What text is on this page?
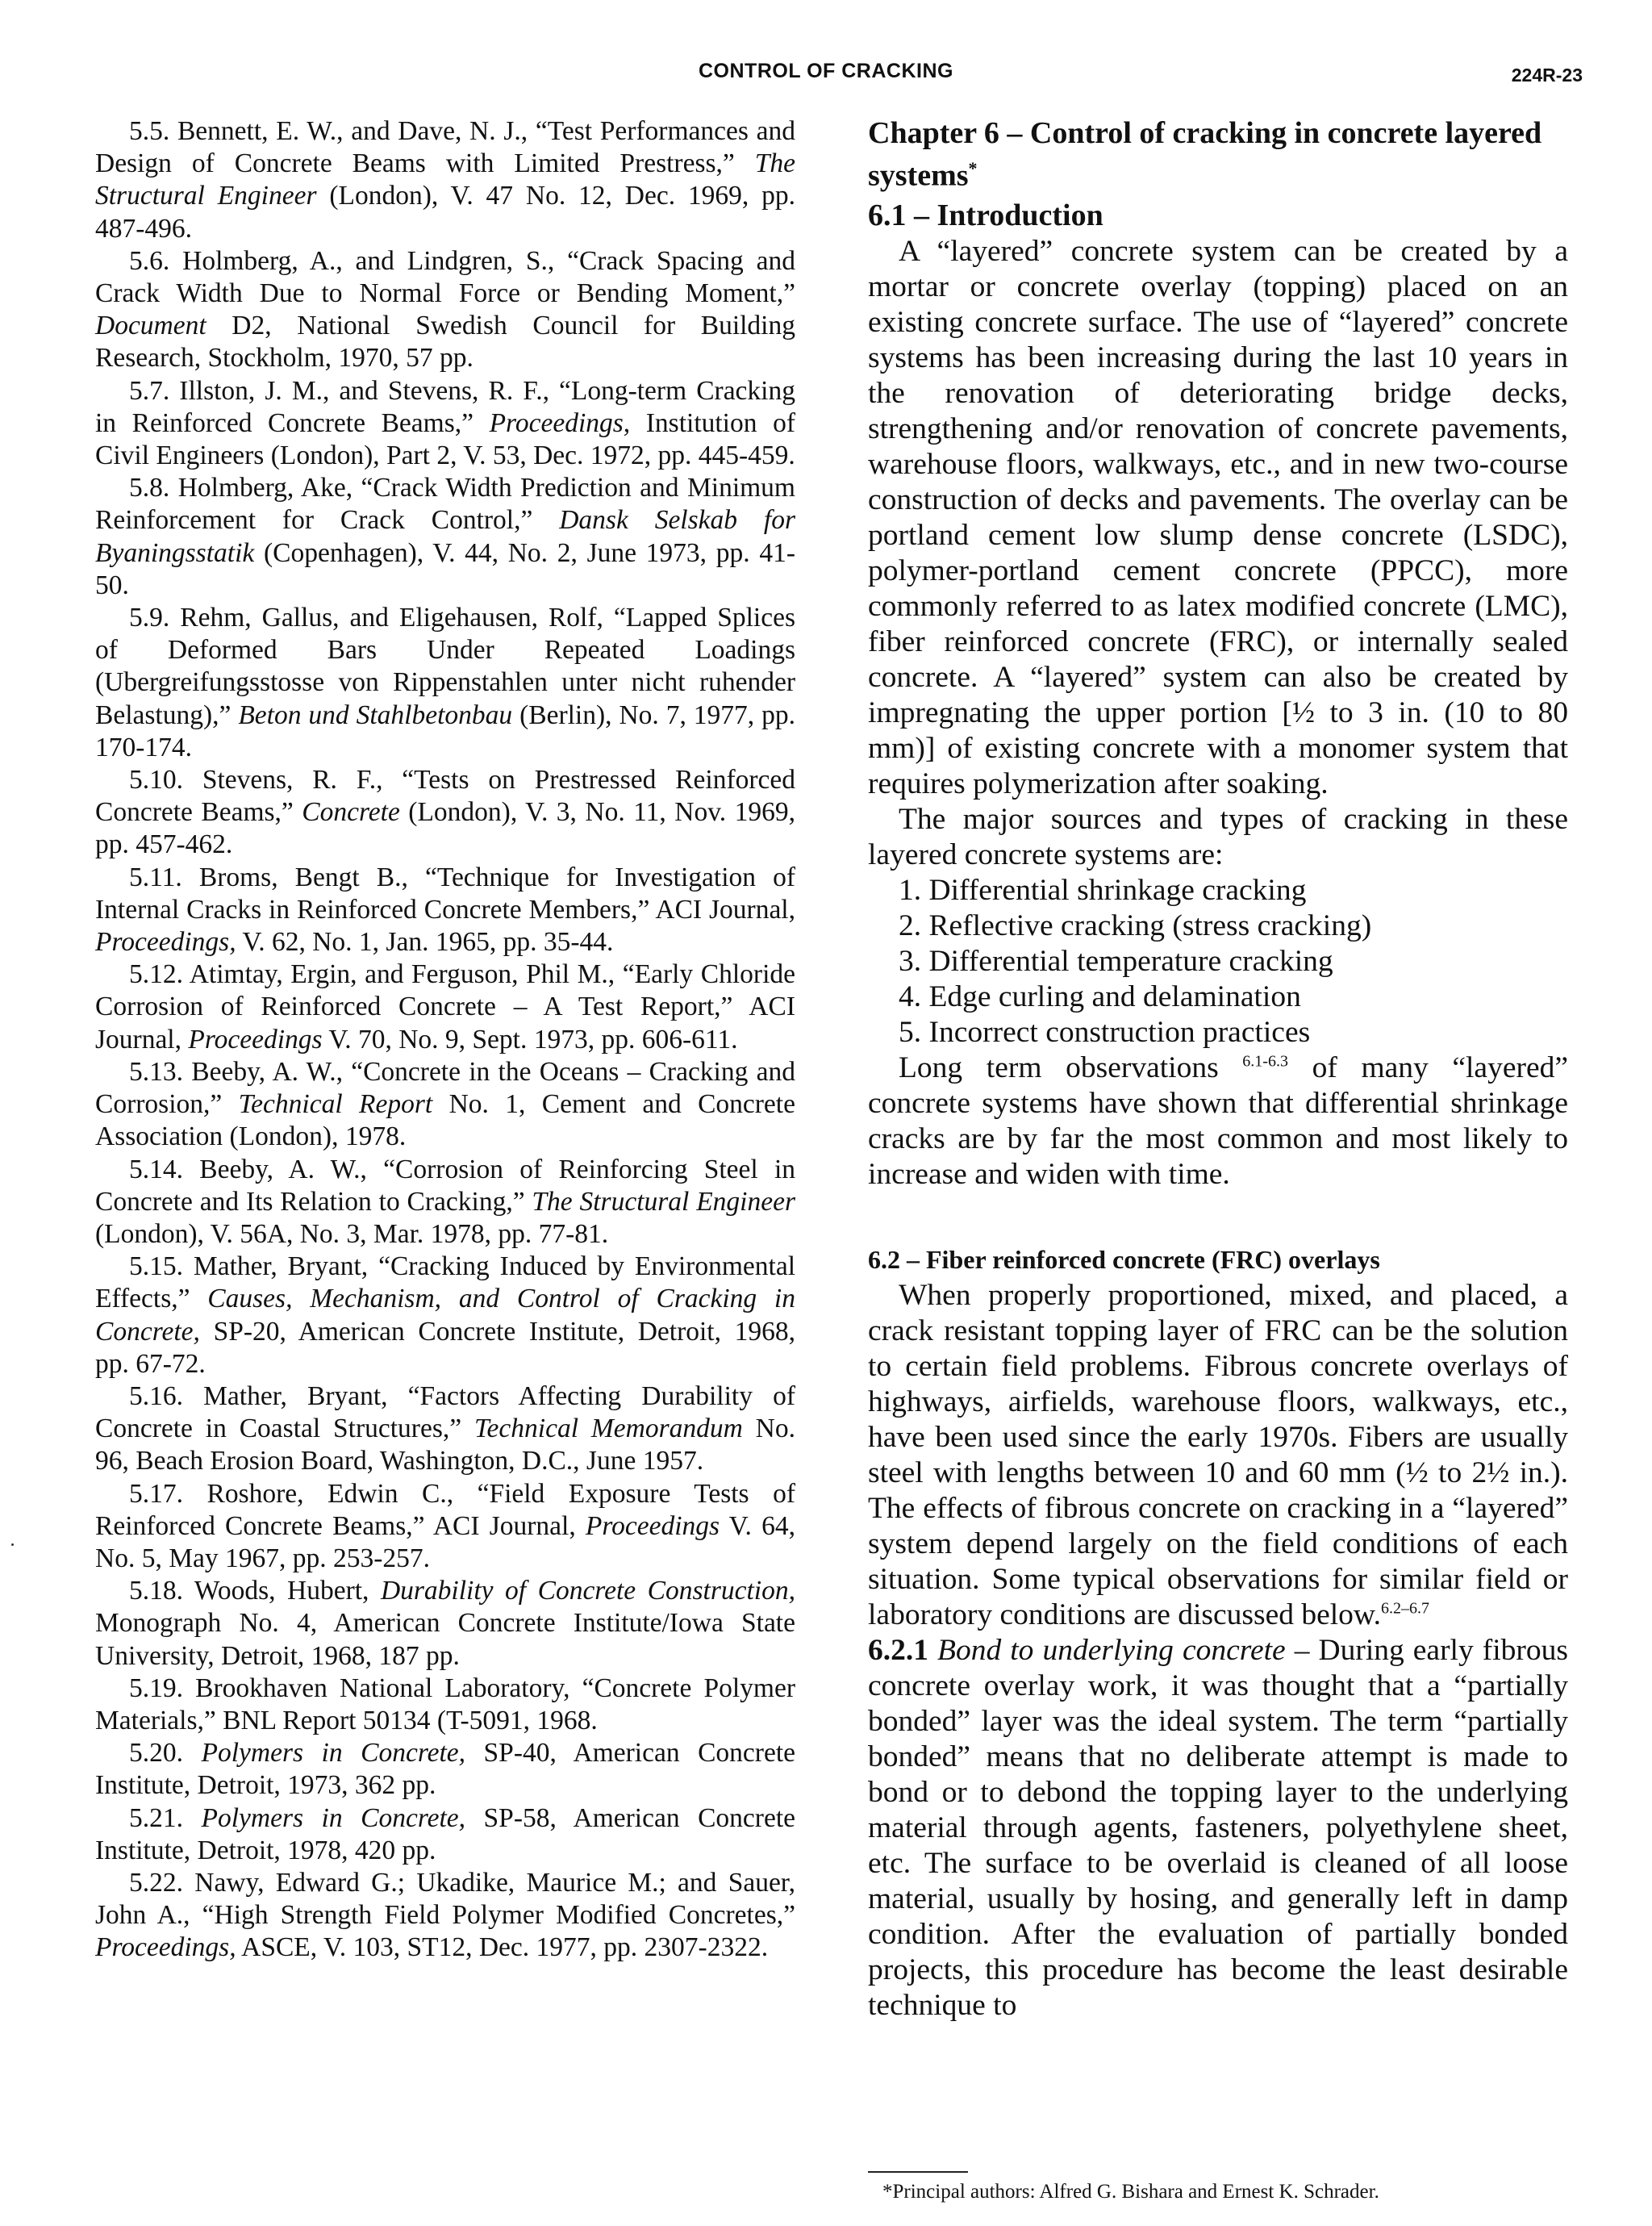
CONTROL OF CRACKING	224R-23

5.5. Bennett, E. W., and Dave, N. J., “Test Performances and Design of Concrete Beams with Limited Prestress,” The Structural Engineer (London), V. 47 No. 12, Dec. 1969, pp. 487-496.

5.6. Holmberg, A., and Lindgren, S., “Crack Spacing and Crack Width Due to Normal Force or Bending Moment,” Document D2, National Swedish Council for Building Research, Stockholm, 1970, 57 pp.

5.7. Illston, J. M., and Stevens, R. F., “Long-term Cracking in Reinforced Concrete Beams,” Proceedings, Institution of Civil Engineers (London), Part 2, V. 53, Dec. 1972, pp. 445-459.

5.8. Holmberg, Ake, “Crack Width Prediction and Minimum Reinforcement for Crack Control,” Dansk Selskab for Byaningsstatik (Copenhagen), V. 44, No. 2, June 1973, pp. 41-50.

5.9. Rehm, Gallus, and Eligehausen, Rolf, “Lapped Splices of Deformed Bars Under Repeated Loadings (Ubergreifungsstosse von Rippenstahlen unter nicht ruhender Belastung),” Beton und Stahlbetonbau (Berlin), No. 7, 1977, pp. 170-174.

5.10. Stevens, R. F., “Tests on Prestressed Reinforced Concrete Beams,” Concrete (London), V. 3, No. 11, Nov. 1969, pp. 457-462.

5.11. Broms, Bengt B., “Technique for Investigation of Internal Cracks in Reinforced Concrete Members,” ACI Journal, Proceedings, V. 62, No. 1, Jan. 1965, pp. 35-44.

5.12. Atimtay, Ergin, and Ferguson, Phil M., “Early Chloride Corrosion of Reinforced Concrete – A Test Report,” ACI Journal, Proceedings V. 70, No. 9, Sept. 1973, pp. 606-611.

5.13. Beeby, A. W., “Concrete in the Oceans – Cracking and Corrosion,” Technical Report No. 1, Cement and Concrete Association (London), 1978.

5.14. Beeby, A. W., “Corrosion of Reinforcing Steel in Concrete and Its Relation to Cracking,” The Structural Engineer (London), V. 56A, No. 3, Mar. 1978, pp. 77-81.

5.15. Mather, Bryant, “Cracking Induced by Environmental Effects,” Causes, Mechanism, and Control of Cracking in Concrete, SP-20, American Concrete Institute, Detroit, 1968, pp. 67-72.

5.16. Mather, Bryant, “Factors Affecting Durability of Concrete in Coastal Structures,” Technical Memorandum No. 96, Beach Erosion Board, Washington, D.C., June 1957.

5.17. Roshore, Edwin C., “Field Exposure Tests of Reinforced Concrete Beams,” ACI Journal, Proceedings V. 64, No. 5, May 1967, pp. 253-257.

5.18. Woods, Hubert, Durability of Concrete Construction, Monograph No. 4, American Concrete Institute/Iowa State University, Detroit, 1968, 187 pp.

5.19. Brookhaven National Laboratory, “Concrete Polymer Materials,” BNL Report 50134 (T-5091, 1968.

5.20. Polymers in Concrete, SP-40, American Concrete Institute, Detroit, 1973, 362 pp.

5.21. Polymers in Concrete, SP-58, American Concrete Institute, Detroit, 1978, 420 pp.

5.22. Nawy, Edward G.; Ukadike, Maurice M.; and Sauer, John A., “High Strength Field Polymer Modified Concretes,” Proceedings, ASCE, V. 103, ST12, Dec. 1977, pp. 2307-2322.

Chapter 6 – Control of cracking in concrete layered systems*
6.1 – Introduction

A “layered” concrete system can be created by a mortar or concrete overlay (topping) placed on an existing concrete surface. The use of “layered” concrete systems has been increasing during the last 10 years in the renovation of deteriorating bridge decks, strengthening and/or renovation of concrete pavements, warehouse floors, walkways, etc., and in new two-course construction of decks and pavements. The overlay can be portland cement low slump dense concrete (LSDC), polymer-portland cement concrete (PPCC), more commonly referred to as latex modified concrete (LMC), fiber reinforced concrete (FRC), or internally sealed concrete. A “layered” system can also be created by impregnating the upper portion [½ to 3 in. (10 to 80 mm)] of existing concrete with a monomer system that requires polymerization after soaking.

The major sources and types of cracking in these layered concrete systems are:

1. Differential shrinkage cracking
2. Reflective cracking (stress cracking)
3. Differential temperature cracking
4. Edge curling and delamination
5. Incorrect construction practices

Long term observations $^{6.1-6.3}$ of many “layered” concrete systems have shown that differential shrinkage cracks are by far the most common and most likely to increase and widen with time.

6.2 – Fiber reinforced concrete (FRC) overlays

When properly proportioned, mixed, and placed, a crack resistant topping layer of FRC can be the solution to certain field problems. Fibrous concrete overlays of highways, airfields, warehouse floors, walkways, etc., have been used since the early 1970s. Fibers are usually steel with lengths between 10 and 60 mm (½ to 2½ in.). The effects of fibrous concrete on cracking in a “layered” system depend largely on the field conditions of each situation. Some typical observations for similar field or laboratory conditions are discussed below.$^{6.2-6.7}$

6.2.1 Bond to underlying concrete – During early fibrous concrete overlay work, it was thought that a “partially bonded” layer was the ideal system. The term “partially bonded” means that no deliberate attempt is made to bond or to debond the topping layer to the underlying material through agents, fasteners, polyethylene sheet, etc. The surface to be overlaid is cleaned of all loose material, usually by hosing, and generally left in damp condition. After the evaluation of partially bonded projects, this procedure has become the least desirable technique to

*Principal authors: Alfred G. Bishara and Ernest K. Schrader.
